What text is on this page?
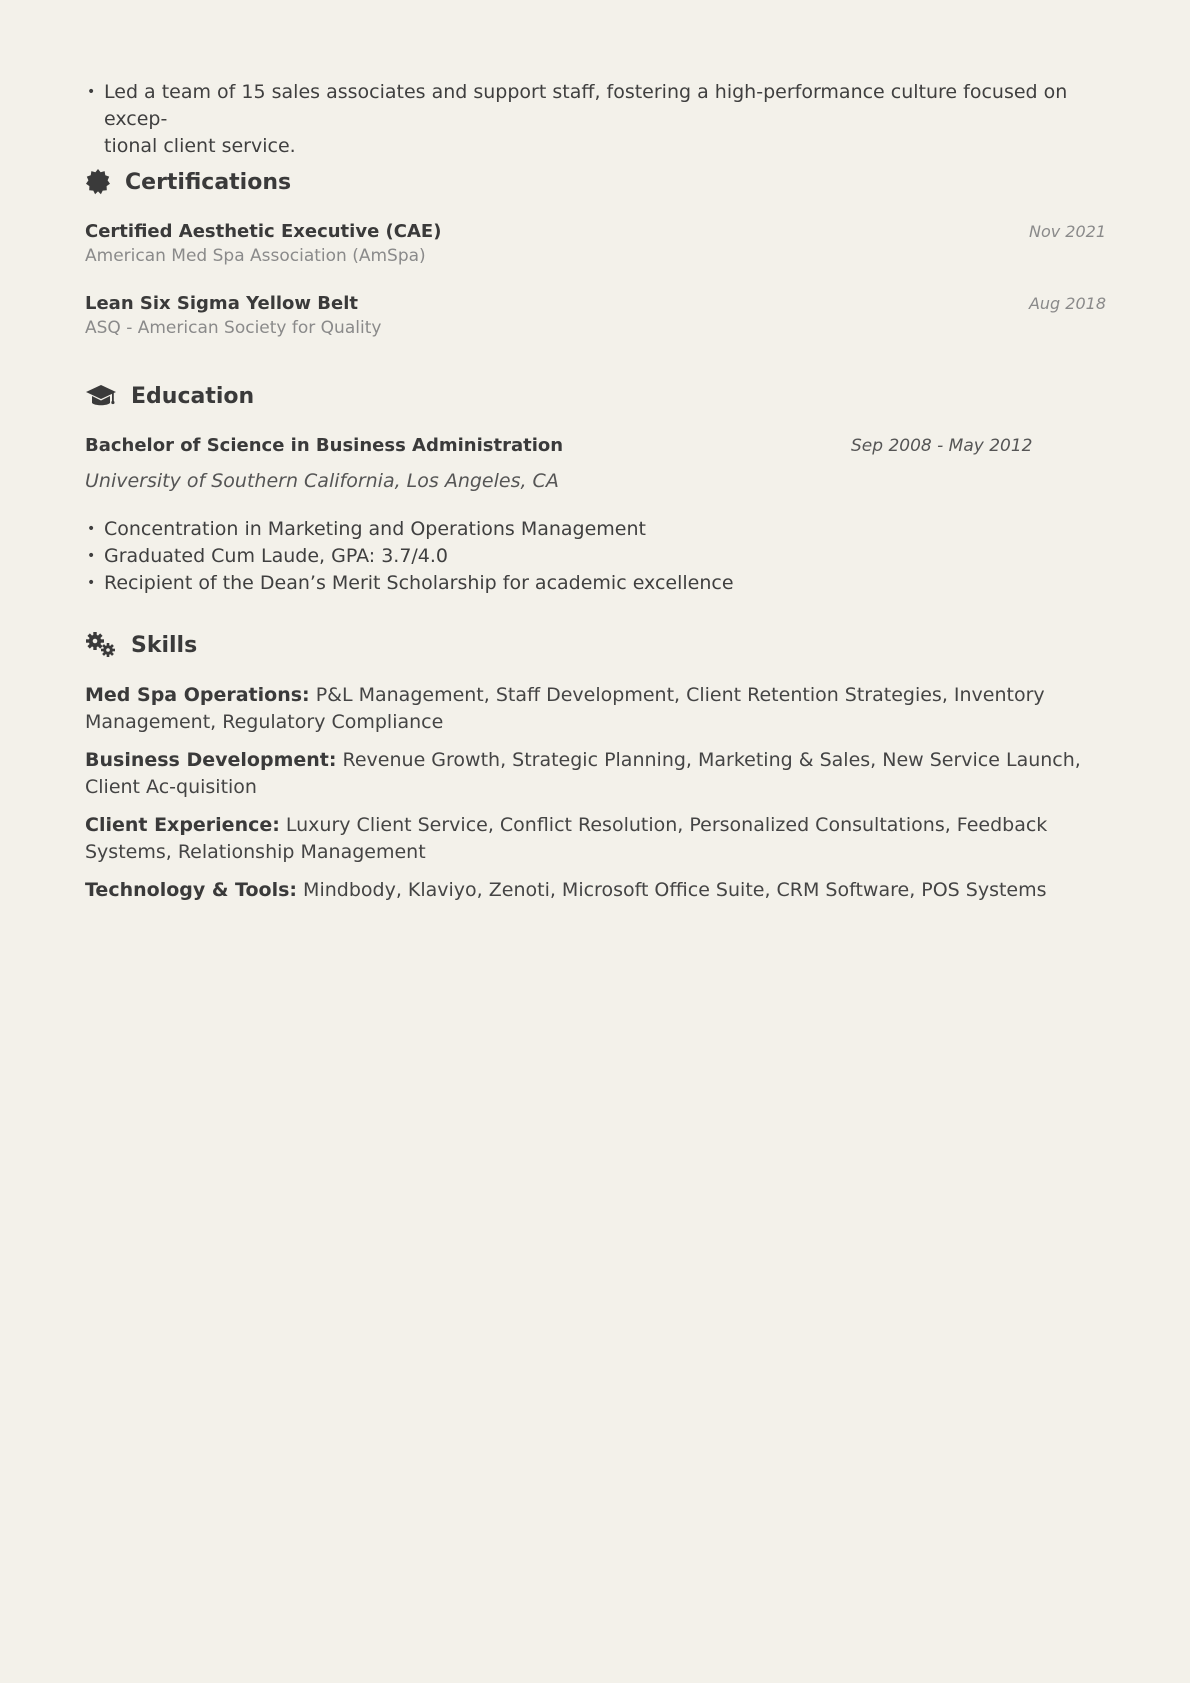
• Led a team of 15 sales associates and support staff, fostering a high-performance culture focused on excep-
tional client service.
Certifications
Certified Aesthetic Executive (CAE)
American Med Spa Association (AmSpa)
Nov 2021
Lean Six Sigma Yellow Belt
ASQ - American Society for Quality
Aug 2018
Education
Bachelor of Science in Business Administration	Sep 2008 - May 2012
University of Southern California, Los Angeles, CA
• Concentration in Marketing and Operations Management
• Graduated Cum Laude, GPA: 3.7/4.0
• Recipient of the Dean’s Merit Scholarship for academic excellence
Skills
Med Spa Operations: P&L Management, Staff Development, Client Retention Strategies, Inventory Management, Regulatory Compliance
Business Development: Revenue Growth, Strategic Planning, Marketing & Sales, New Service Launch, Client Ac-quisition
Client Experience: Luxury Client Service, Conflict Resolution, Personalized Consultations, Feedback Systems, Relationship Management
Technology & Tools: Mindbody, Klaviyo, Zenoti, Microsoft Office Suite, CRM Software, POS Systems
